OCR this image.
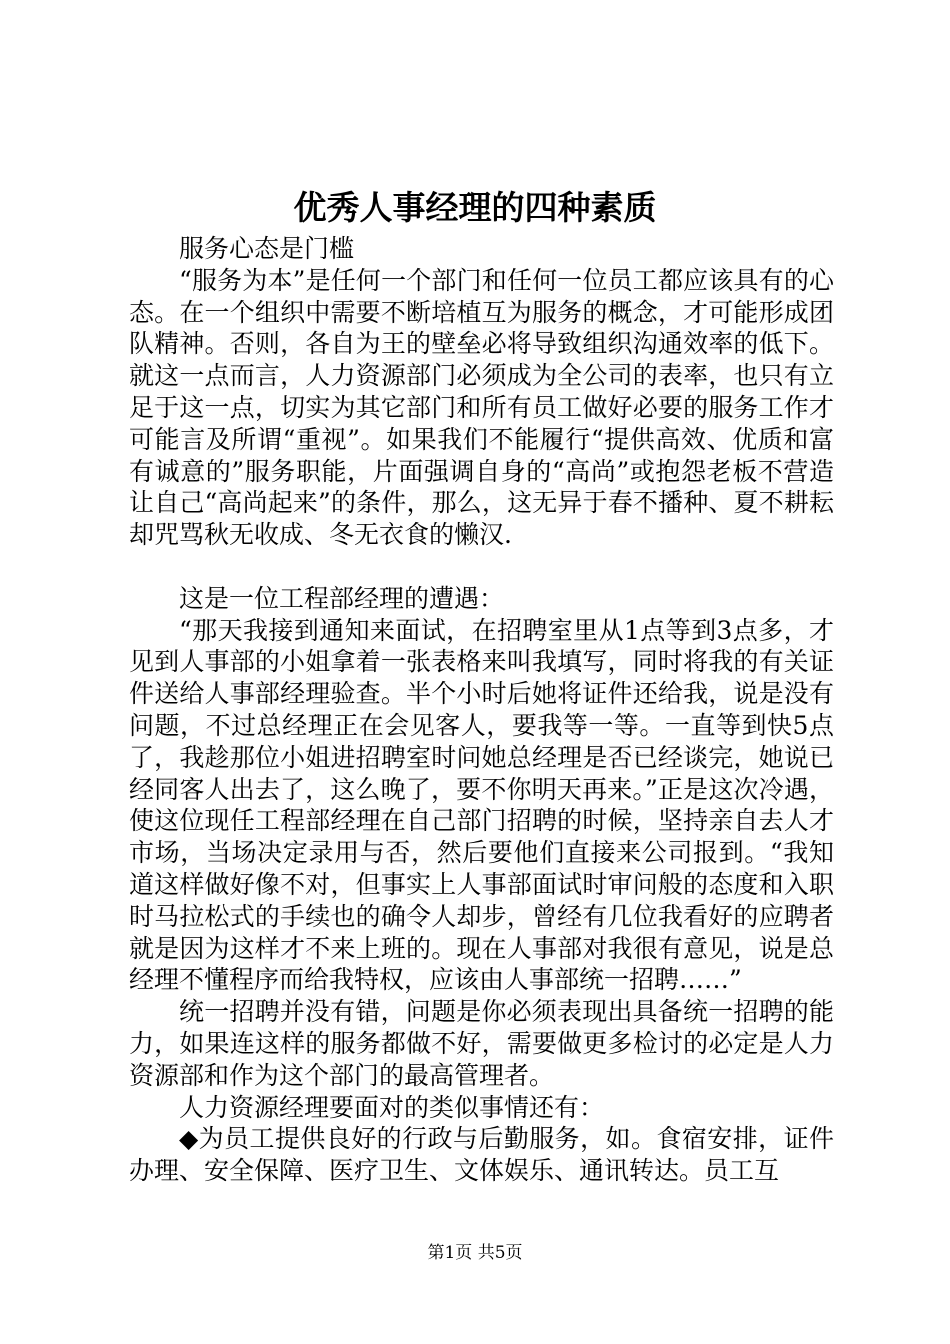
优秀人事经理的四种素质

服务心态是门槛

“服务为本”是任何一个部门和任何一位员工都应该具有的心态。在一个组织中需要不断培植互为服务的概念，才可能形成团队精神。否则，各自为王的壁垒必将导致组织沟通效率的低下。就这一点而言，人力资源部门必须成为全公司的表率，也只有立足于这一点，切实为其它部门和所有员工做好必要的服务工作才可能言及所谓“重视”。如果我们不能履行“提供高效、优质和富有诚意的”服务职能，片面强调自身的“高尚”或抱怨老板不营造让自己“高尚起来”的条件，那么，这无异于春不播种、夏不耕耘却咒骂秋无收成、冬无衣食的懒汉.

这是一位工程部经理的遭遇：

“那天我接到通知来面试，在招聘室里从1点等到3点多，才见到人事部的小姐拿着一张表格来叫我填写，同时将我的有关证件送给人事部经理验查。半个小时后她将证件还给我，说是没有问题，不过总经理正在会见客人，要我等一等。一直等到快5点了，我趁那位小姐进招聘室时问她总经理是否已经谈完，她说已经同客人出去了，这么晚了，要不你明天再来。”正是这次冷遇，使这位现任工程部经理在自己部门招聘的时候，坚持亲自去人才市场，当场决定录用与否，然后要他们直接来公司报到。“我知道这样做好像不对，但事实上人事部面试时审问般的态度和入职时马拉松式的手续也的确令人却步，曾经有几位我看好的应聘者就是因为这样才不来上班的。现在人事部对我很有意见，说是总经理不懂程序而给我特权，应该由人事部统一招聘……”

统一招聘并没有错，问题是你必须表现出具备统一招聘的能力，如果连这样的服务都做不好，需要做更多检讨的必定是人力资源部和作为这个部门的最高管理者。

人力资源经理要面对的类似事情还有：

◆为员工提供良好的行政与后勤服务，如。食宿安排，证件办理、安全保障、医疗卫生、文体娱乐、通讯转达。员工互

第1页 共5页
